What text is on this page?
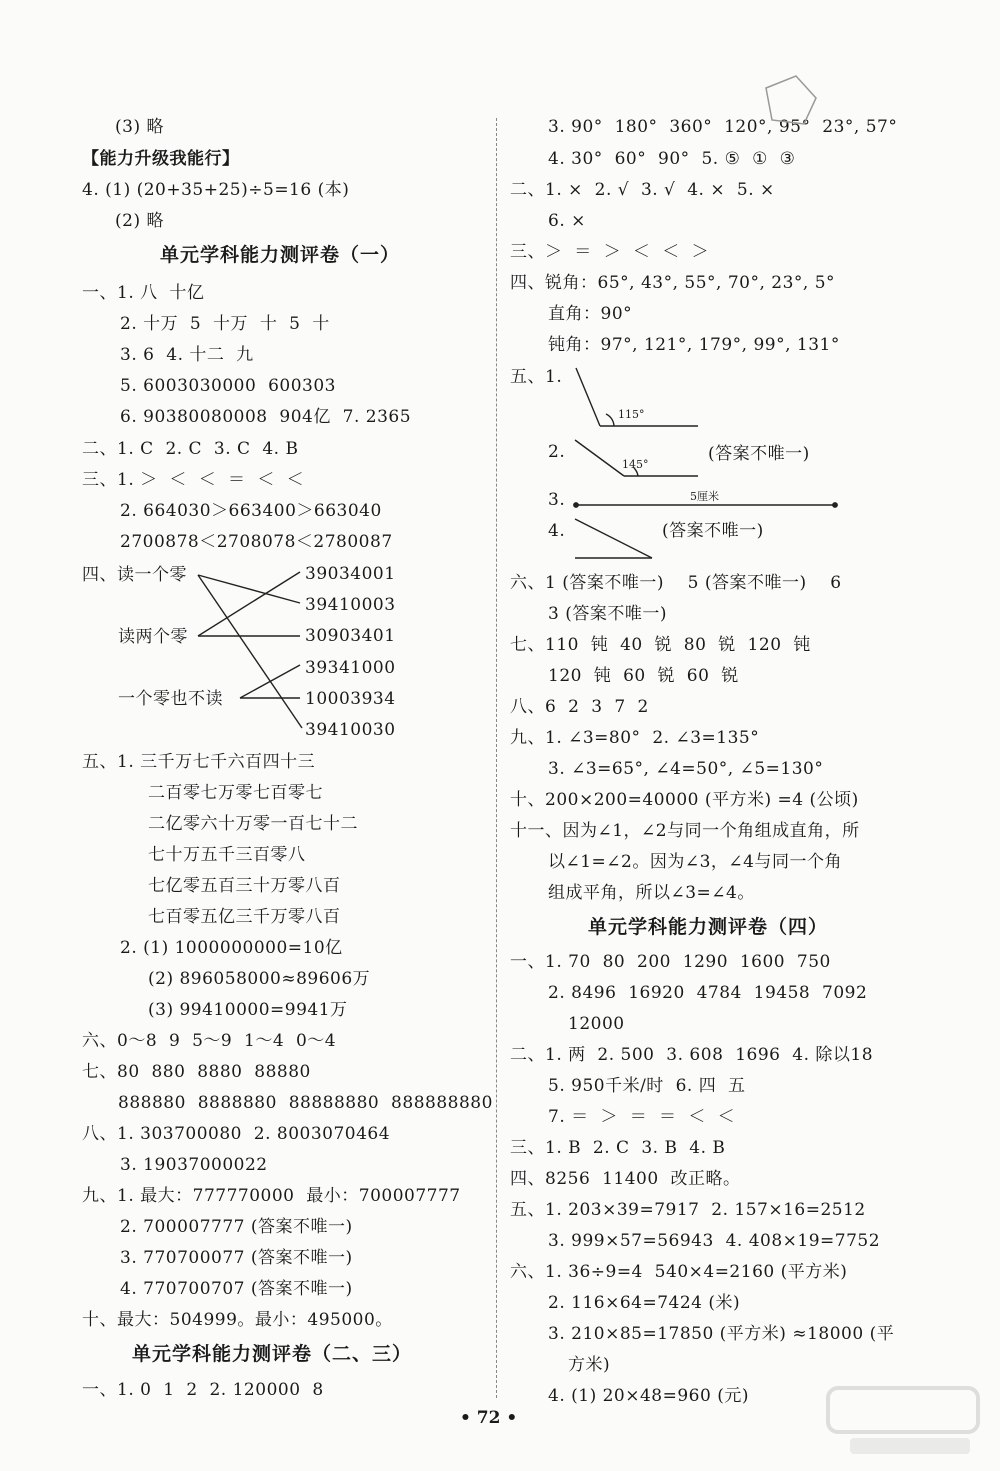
(3) 略
【能力升级我能行】
4. (1) (20+35+25)÷5=16 (本)
(2) 略
单元学科能力测评卷（一）
一、1. 八  十亿
2. 十万  5  十万  十  5  十
3. 6  4. 十二  九
5. 6003030000  600303
6. 90380080008  904亿  7. 2365
二、1. C  2. C  3. C  4. B
三、1. ＞  ＜  ＜  ＝  ＜  ＜
2. 664030＞663400＞663040
2700878＜2708078＜2780087
四、读一个零
读两个零
一个零也不读
39034001
39410003
30903401
39341000
10003934
39410030
五、1. 三千万七千六百四十三
二百零七万零七百零七
二亿零六十万零一百七十二
七十万五千三百零八
七亿零五百三十万零八百
七百零五亿三千万零八百
2. (1) 1000000000=10亿
(2) 896058000≈89606万
(3) 99410000=9941万
六、0～8  9  5～9  1～4  0～4
七、80  880  8880  88880
888880  8888880  88888880  888888880
八、1. 303700080  2. 8003070464
3. 19037000022
九、1. 最大：777770000  最小：700007777
2. 700007777 (答案不唯一)
3. 770700077 (答案不唯一)
4. 770700707 (答案不唯一)
十、最大：504999。最小：495000。
单元学科能力测评卷（二、三）
一、1. 0  1  2  2. 120000  8
3. 90°  180°  360°  120°, 95°  23°, 57°
4. 30°  60°  90°  5. ⑤  ①  ③
二、1. ×  2. √  3. √  4. ×  5. ×
6. ×
三、＞  ＝  ＞  ＜  ＜  ＞
四、锐角：65°, 43°, 55°, 70°, 23°, 5°
直角：90°
钝角：97°, 121°, 179°, 99°, 131°
五、1.
2.	(答案不唯一)
3.
4.	(答案不唯一)
六、1 (答案不唯一)    5 (答案不唯一)    6
3 (答案不唯一)
七、110  钝  40  锐  80  锐  120  钝
120  钝  60  锐  60  锐
八、6  2  3  7  2
九、1. ∠3=80°  2. ∠3=135°
3. ∠3=65°, ∠4=50°, ∠5=130°
十、200×200=40000 (平方米) =4 (公顷)
十一、因为∠1，∠2与同一个角组成直角，所
以∠1=∠2。因为∠3，∠4与同一个角
组成平角，所以∠3=∠4。
单元学科能力测评卷（四）
一、1. 70  80  200  1290  1600  750
2. 8496  16920  4784  19458  7092
12000
二、1. 两  2. 500  3. 608  1696  4. 除以18
5. 950千米/时  6. 四  五
7. ＝  ＞  ＝  ＝  ＜  ＜
三、1. B  2. C  3. B  4. B
四、8256  11400  改正略。
五、1. 203×39=7917  2. 157×16=2512
3. 999×57=56943  4. 408×19=7752
六、1. 36÷9=4  540×4=2160 (平方米)
2. 116×64=7424 (米)
3. 210×85=17850 (平方米) ≈18000 (平
方米)
4. (1) 20×48=960 (元)
115°
145°
5厘米
• 72 •
